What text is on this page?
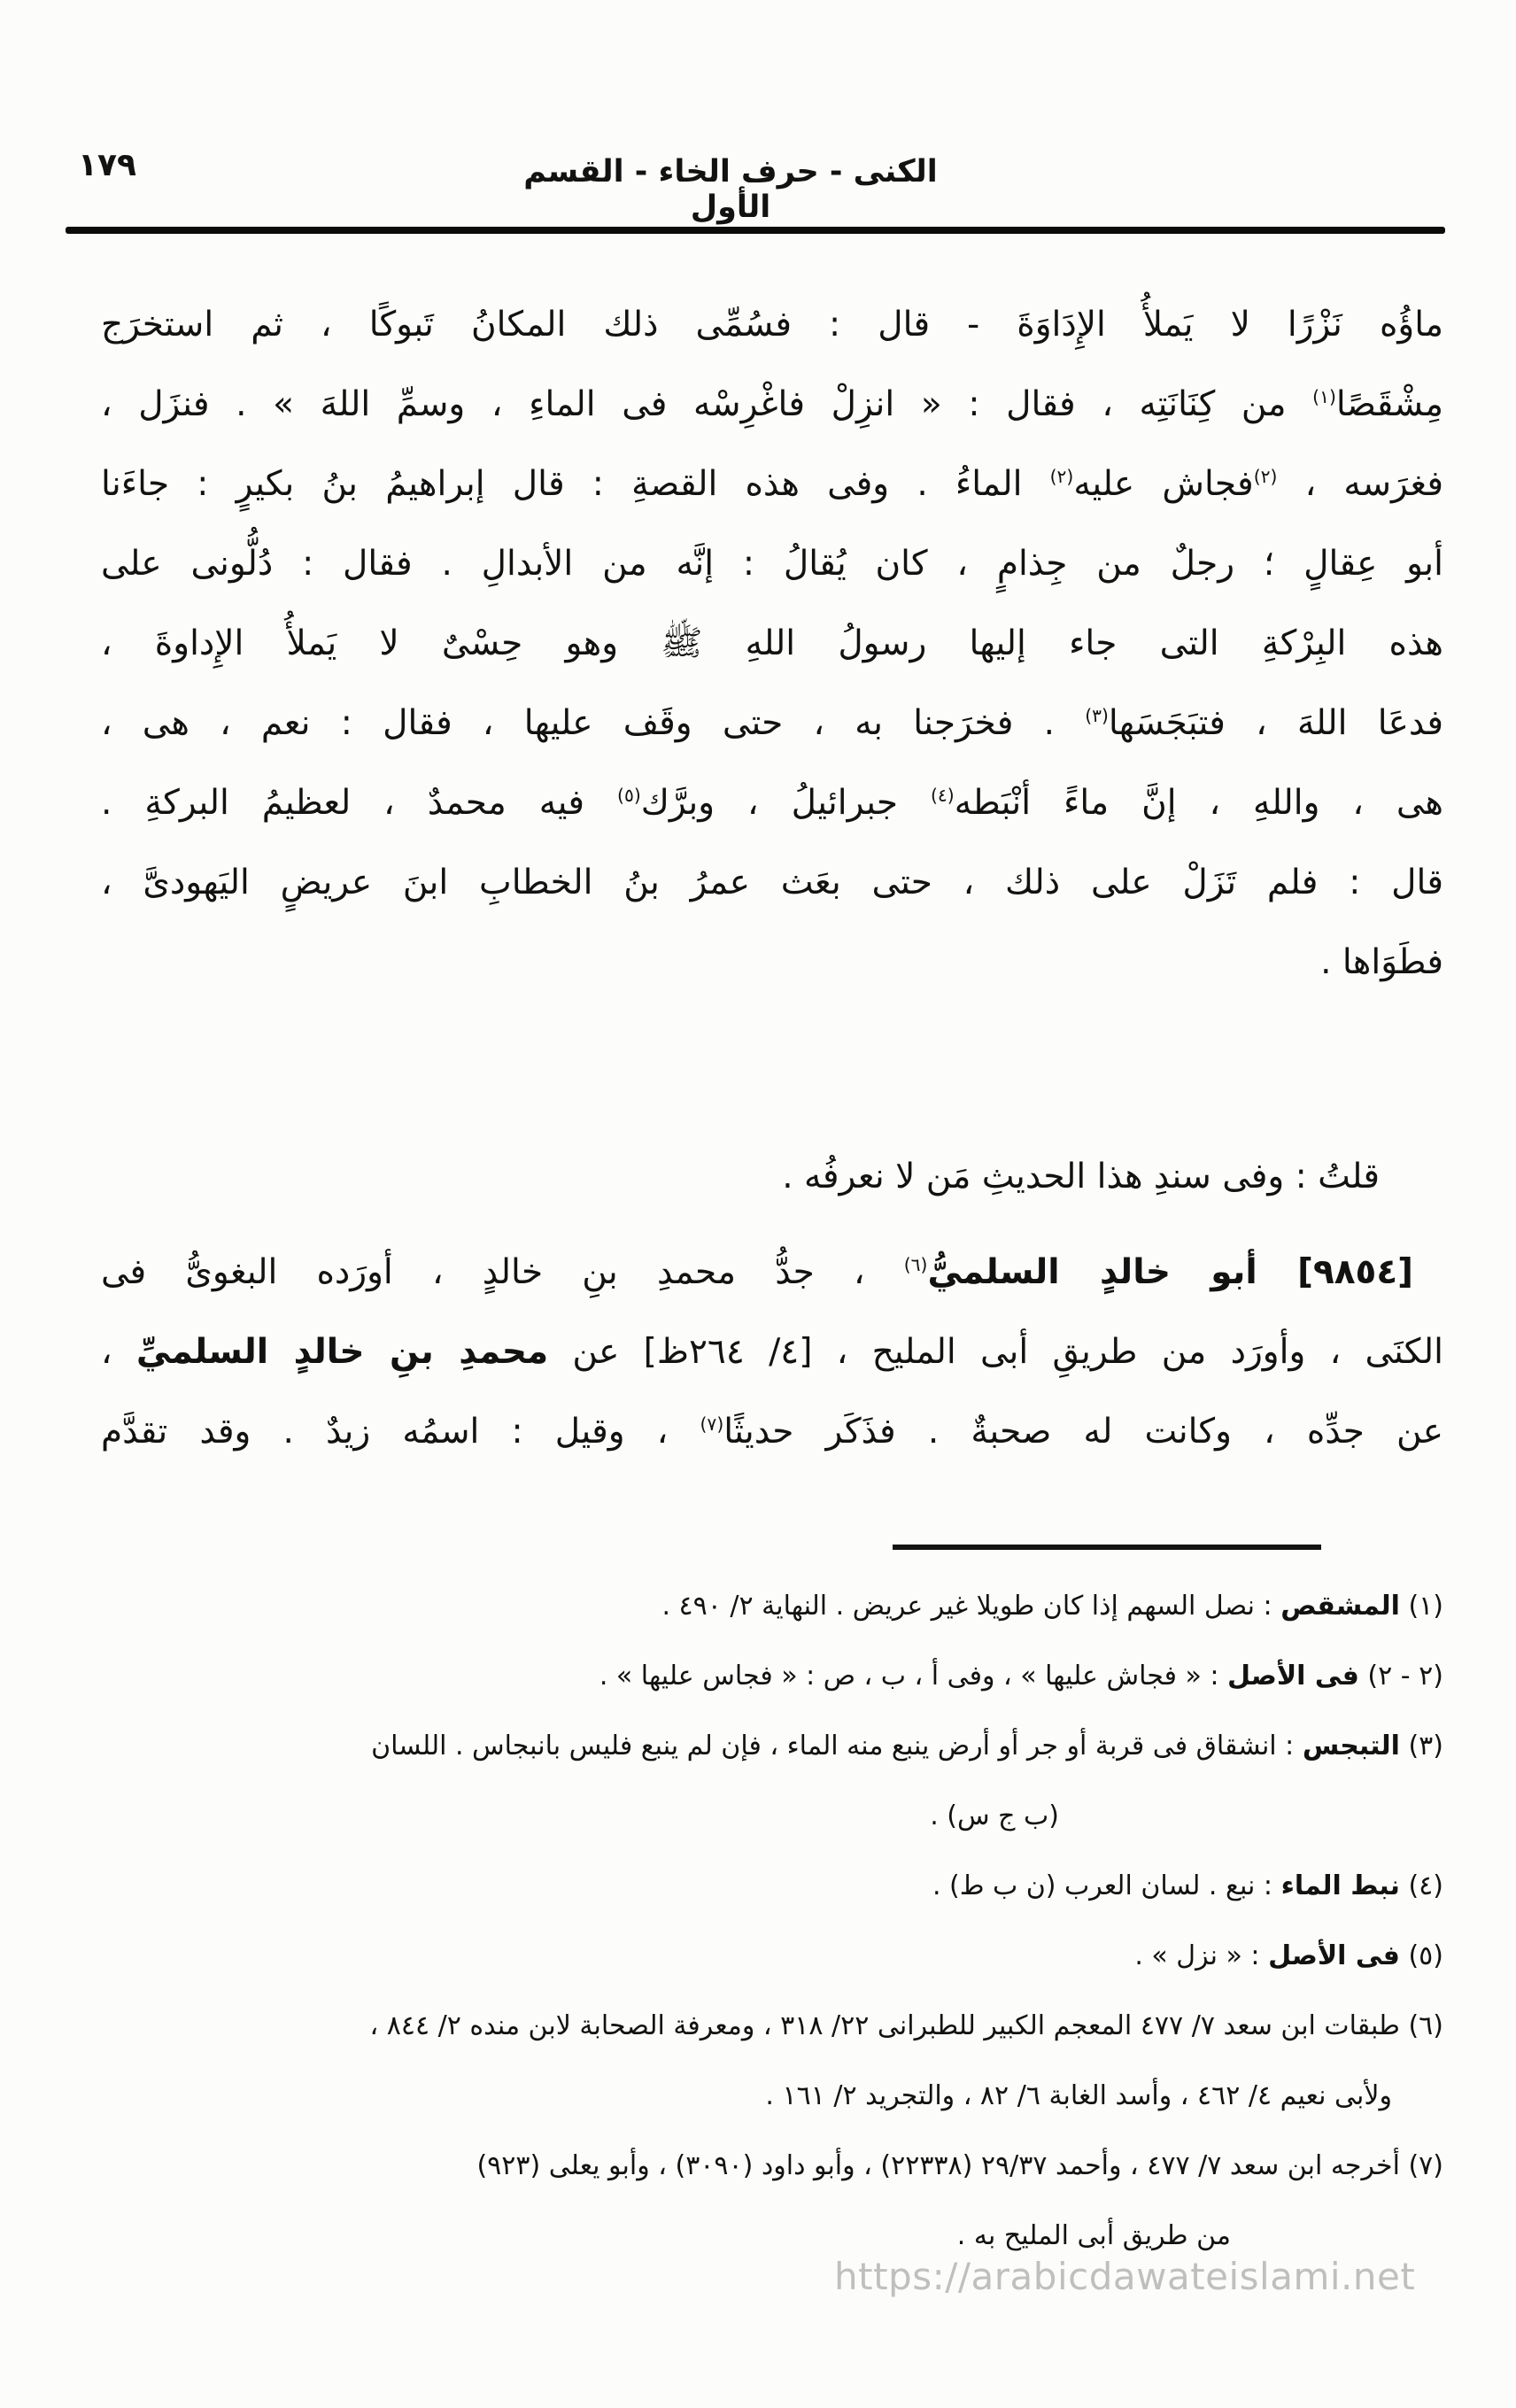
١٧٩	الكنى - حرف الخاء - القسم الأول
ماؤُه نَزْرًا لا يَملأُ الإِدَاوَةَ - قال : فسُمِّى ذلك المكانُ تَبوكًا ، ثم استخرَج
مِشْقَصًا$^{(١)}$ من كِنَانَتِه ، فقال : « انزِلْ فاغْرِسْه فى الماءِ ، وسمِّ اللهَ » . فنزَل ،
فغرَسه ، $^{(٢)}$فجاش عليه$^{(٢)}$ الماءُ . وفى هذه القصةِ : قال إبراهيمُ بنُ بكيرٍ : جاءَنا
أبو عِقالٍ ؛ رجلٌ من جِذامٍ ، كان يُقالُ : إنَّه من الأبدالِ . فقال : دُلُّونى على
هذه البِرْكةِ التى جاء إليها رسولُ اللهِ ﷺ وهو حِسْىٌ لا يَملأُ الإِداوةَ ،
فدعَا اللهَ ، فتبَجَسَها$^{(٣)}$ . فخرَجنا به ، حتى وقَف عليها ، فقال : نعم ، هى ،
هى ، واللهِ ، إنَّ ماءً أنْبَطه$^{(٤)}$ جبرائيلُ ، وبرَّك$^{(٥)}$ فيه محمدٌ ، لعظيمُ البركةِ .
قال : فلم تَزَلْ على ذلك ، حتى بعَث عمرُ بنُ الخطابِ ابنَ عريضٍ اليَهودىَّ ،
فطَوَاها .
قلتُ : وفى سندِ هذا الحديثِ مَن لا نعرفُه .
[٩٨٥٤] أبو خالدٍ السلميُّ$^{(٦)}$ ، جدُّ محمدِ بنِ خالدٍ ، أورَده البغوىُّ فى
الكنَى ، وأورَد من طريقِ أبى المليح ، [٤/ ٢٦٤ظ] عن محمدِ بنِ خالدٍ السلميِّ ،
عن جدِّه ، وكانت له صحبةٌ . فذَكَر حديثًا$^{(٧)}$ ، وقيل : اسمُه زيدٌ . وقد تقدَّم
(١) المشقص : نصل السهم إذا كان طويلا غير عريض . النهاية ٢/ ٤٩٠ .
(٢ - ٢) فى الأصل : « فجاش عليها » ، وفى أ ، ب ، ص : « فجاس عليها » .
(٣) التبجس : انشقاق فى قربة أو جر أو أرض ينبع منه الماء ، فإن لم ينبع فليس بانبجاس . اللسان
(ب ج س) .
(٤) نبط الماء : نبع . لسان العرب (ن ب ط) .
(٥) فى الأصل : « نزل » .
(٦) طبقات ابن سعد ٧/ ٤٧٧ المعجم الكبير للطبرانى ٢٢/ ٣١٨ ، ومعرفة الصحابة لابن منده ٢/ ٨٤٤ ،
ولأبى نعيم ٤/ ٤٦٢ ، وأسد الغابة ٦/ ٨٢ ، والتجريد ٢/ ١٦١ .
(٧) أخرجه ابن سعد ٧/ ٤٧٧ ، وأحمد ٢٩/٣٧ (٢٢٣٣٨) ، وأبو داود (٣٠٩٠) ، وأبو يعلى (٩٢٣)
من طريق أبى المليح به .
https://arabicdawateislami.net
